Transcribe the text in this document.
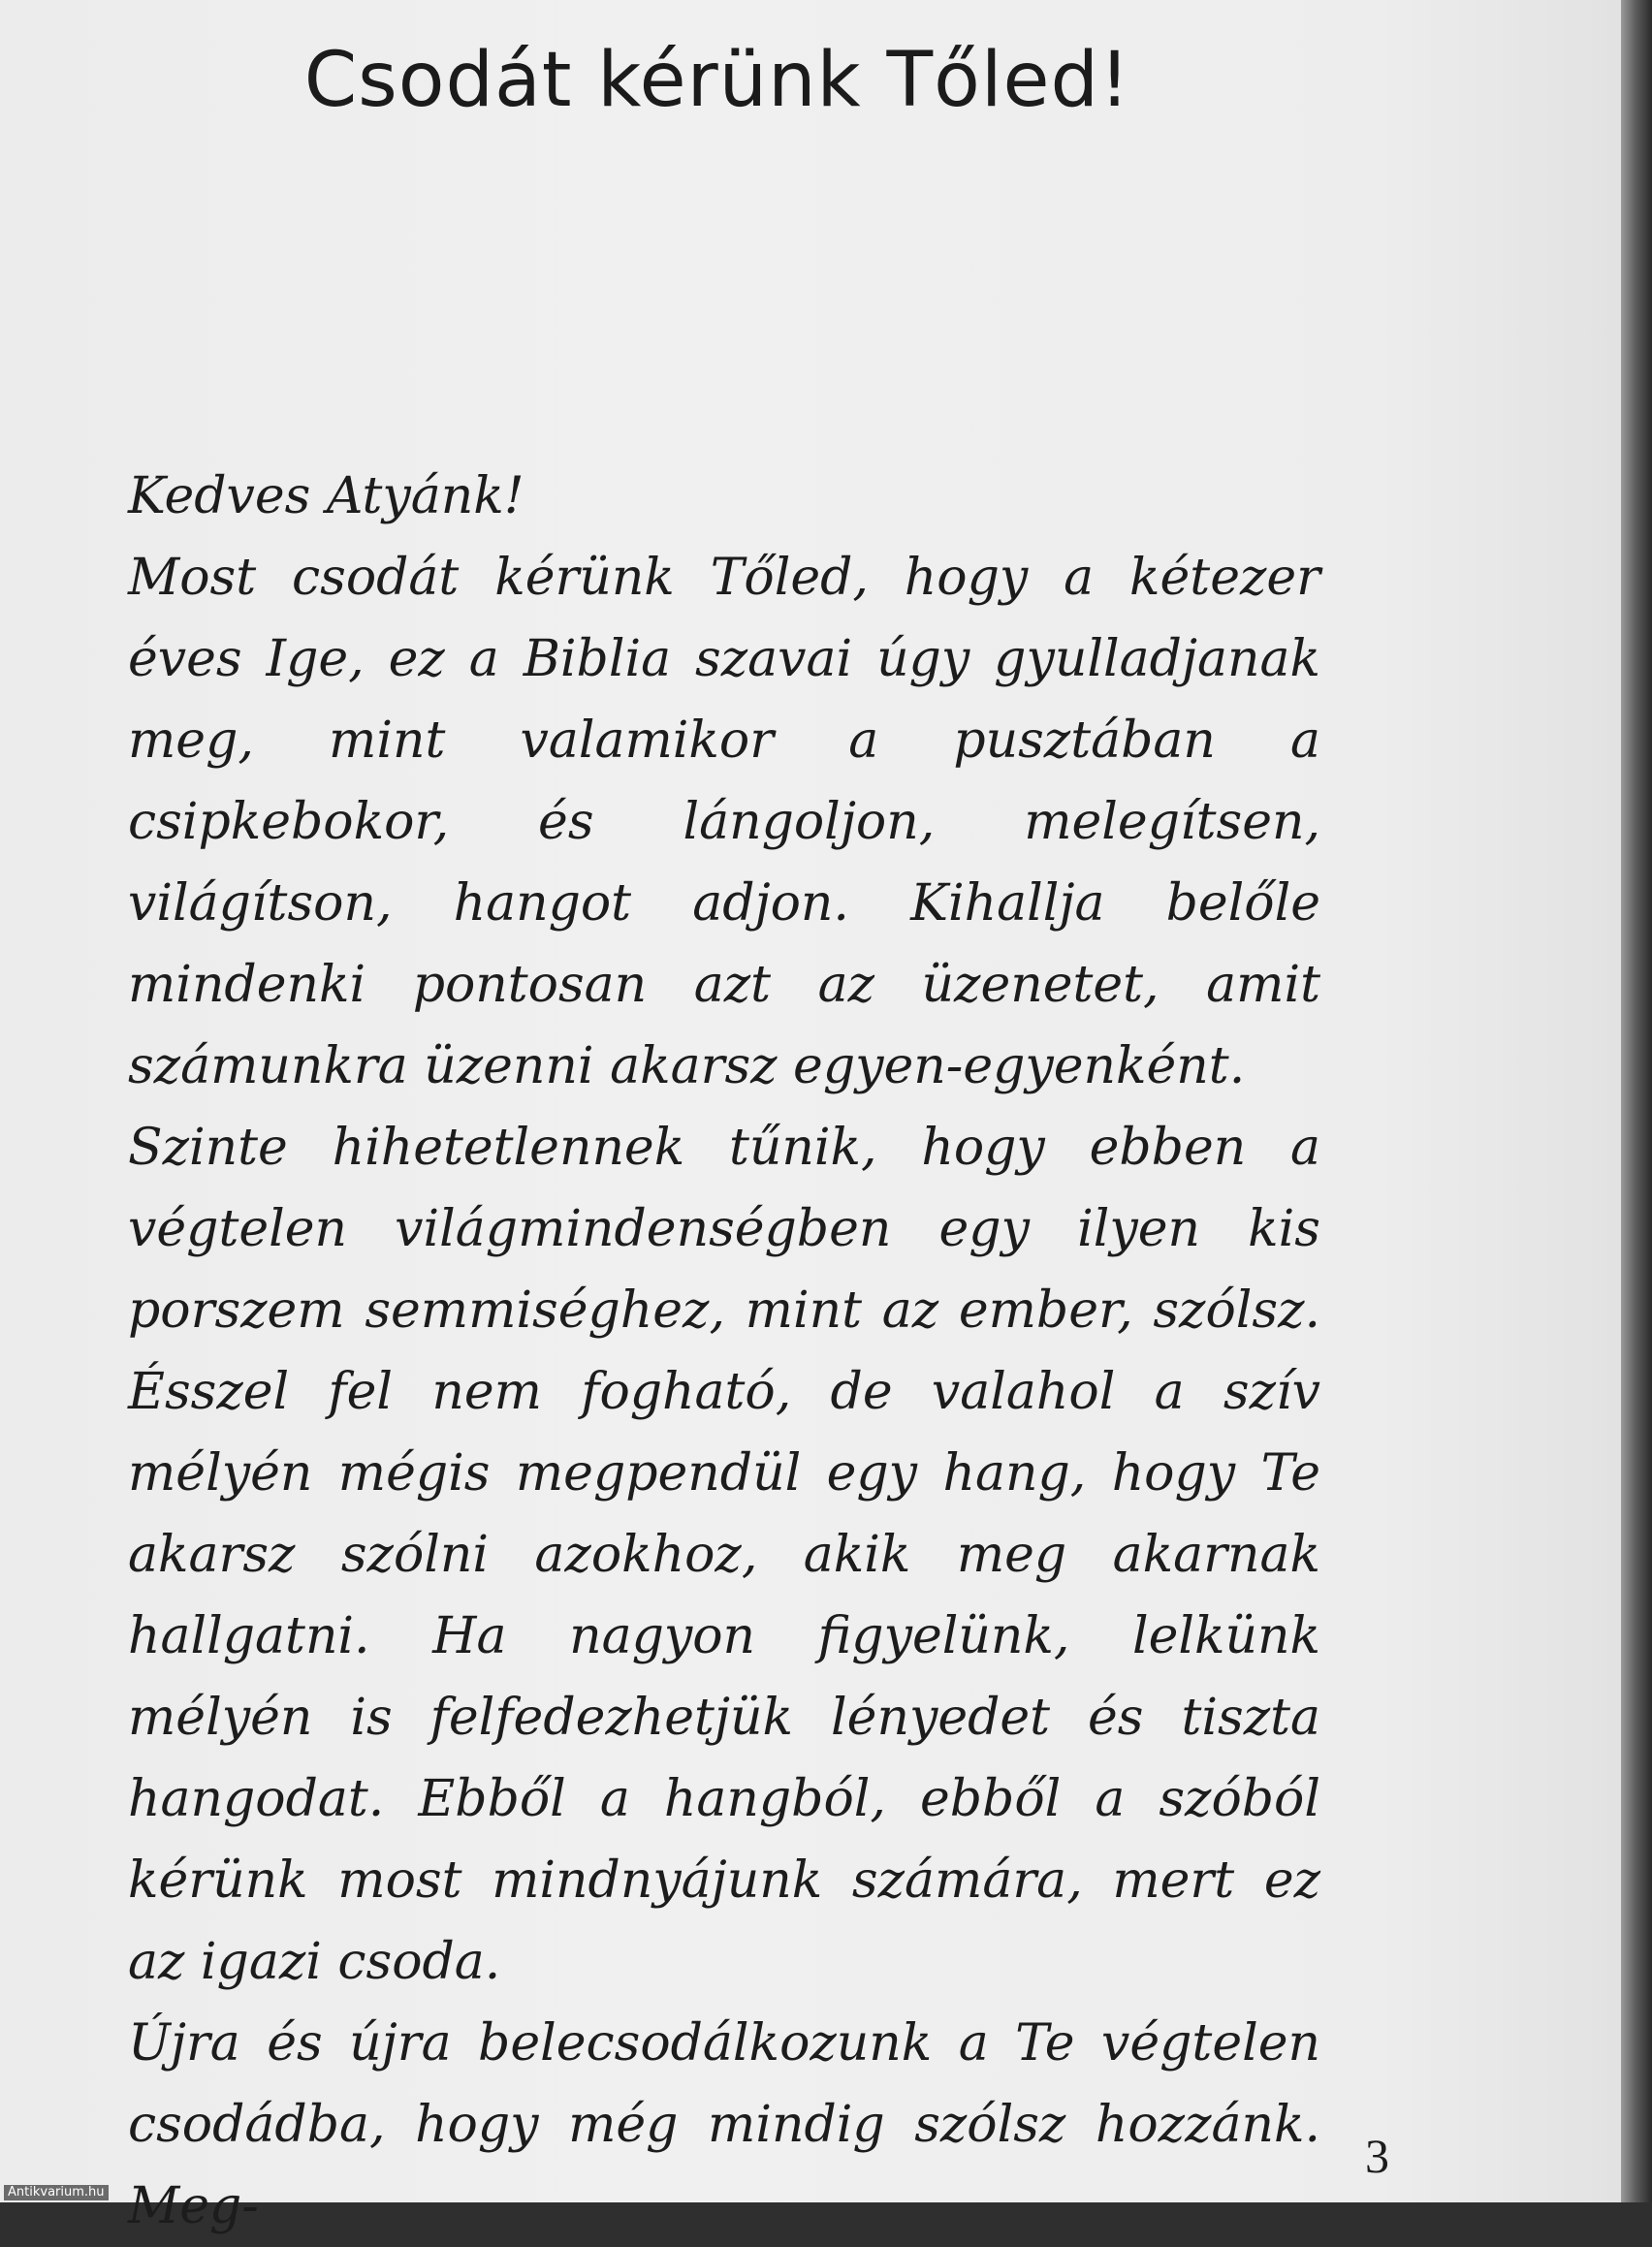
Csodát kérünk Tőled!

Kedves Atyánk!

Most csodát kérünk Tőled, hogy a kétezer éves Ige, ez a Biblia szavai úgy gyulladjanak meg, mint valamikor a pusztában a csipkebokor, és lángoljon, melegítsen, világítson, hangot adjon. Kihallja belőle mindenki pontosan azt az üzenetet, amit számunkra üzenni akarsz egyen-egyenként.

Szinte hihetetlennek tűnik, hogy ebben a végtelen világmindenségben egy ilyen kis porszem semmiséghez, mint az ember, szólsz. Ésszel fel nem fogható, de valahol a szív mélyén mégis megpendül egy hang, hogy Te akarsz szólni azokhoz, akik meg akarnak hallgatni. Ha nagyon figyelünk, lelkünk mélyén is felfedezhetjük lényedet és tiszta hangodat. Ebből a hangból, ebből a szóból kérünk most mindnyájunk számára, mert ez az igazi csoda.

Újra és újra belecsodálkozunk a Te végtelen csodádba, hogy még mindig szólsz hozzánk. Meg-

3
Antikvarium.hu
